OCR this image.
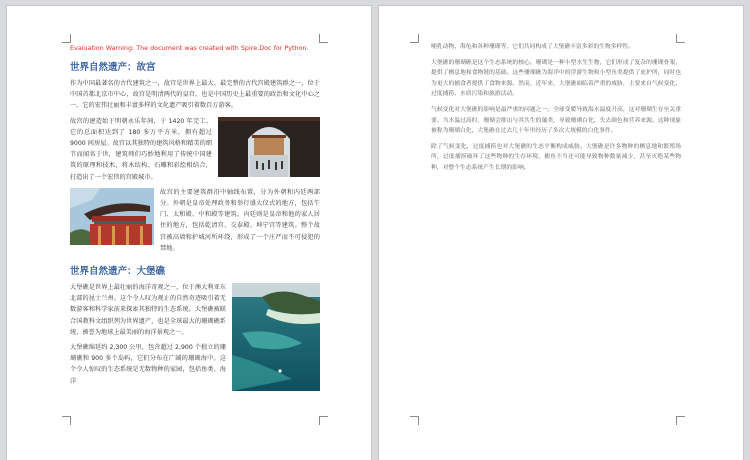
Evaluation Warning: The document was created with Spire.Doc for Python.
世界自然遗产：故宫

作为中国最著名的古代建筑之一，故宫是世界上最大、最完整的古代宫殿建筑群之一，位于中国首都北京市中心，故宫是明清两代的皇宫，也是中国历史上最重要的政治和文化中心之一。它的宏伟壮丽和丰富多样的文化遗产吸引着数百万游客。

故宫的建造始于明朝永乐年间，于 1420 年完工。它的总面积达到了 180 多万平方米，拥有超过 9000 间房屋。故宫以其独特的建筑风格和精美的细节而闻名于世，建筑师们巧妙地利用了传统中国建筑的原理和技术，将木结构、石雕和彩绘相结合，打造出了一个宏伟的宫殿城市。

故宫的主要建筑群沿中轴线布置，分为外朝和内廷两部分。外朝是皇帝处理政务和举行盛大仪式的地方，包括午门、太和殿、中和殿等建筑。内廷则是皇帝和他的家人居住的地方，包括乾清宫、交泰殿、坤宁宫等建筑。整个故宫被高墙和护城河所环绕，形成了一个庄严而不可侵犯的禁地。

世界自然遗产：大堡礁

大堡礁是世界上最壮丽的海洋奇观之一，位于澳大利亚东北部的昆士兰州。这个令人叹为观止的自然奇迹吸引着无数游客和科学家前来探索其独特的生态系统。大堡礁被联合国教科文组织列为世界遗产，也是全球最大的珊瑚礁系统，被誉为地球上最美丽的海洋景观之一。

大堡礁绵延约 2,300 公里，包含超过 2,900 个独立的珊瑚礁和 900 多个岛屿，它们分布在广阔的珊瑚海中。这个令人惊叹的生态系统是无数物种的家园，包括鱼类、海洋

哺乳动物、海龟和各种珊瑚等，它们共同构成了大堡礁丰富多彩的生物多样性。

大堡礁的珊瑚礁是这个生态系统的核心。珊瑚是一种小型水生生物，它们形成了复杂的珊瑚骨架，提供了栖息地和食物链的基础。这些珊瑚礁为海洋中的浮游生物和小型鱼类提供了庇护所，同时也为更大的捕食者提供了食物来源。然而，近年来，大堡礁面临着严重的威胁，主要来自气候变化、过度捕捞、水质污染和旅游活动。

气候变化对大堡礁的影响是最严重的问题之一。全球变暖导致海水温度升高，这对珊瑚生存至关重要。当水温过高时，珊瑚会排出与其共生的藻类，导致珊瑚白化，失去颜色和营养来源。这种现象被称为珊瑚白化，大堡礁在过去几十年里经历了多次大规模的白化事件。

除了气候变化，过度捕捞也对大堡礁的生态平衡构成威胁。大堡礁是许多物种的栖息地和繁殖场所，过度捕捞破坏了这些物种的生存环境，捕鱼不当还可能导致物种数量减少，甚至灭绝某些物种，对整个生态系统产生长期的影响。
